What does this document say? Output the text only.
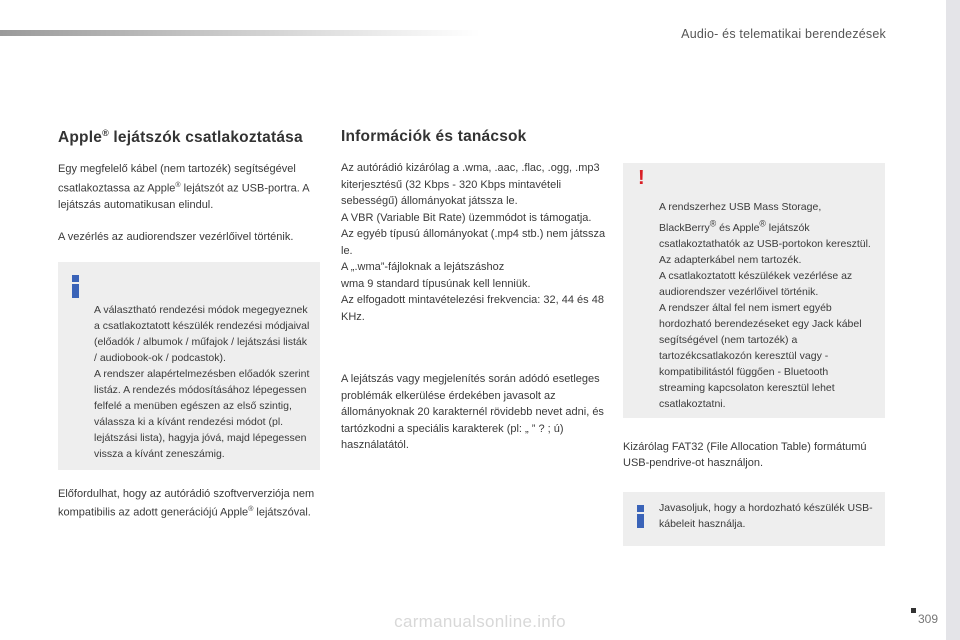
Audio- és telematikai berendezések
Apple® lejátszók csatlakoztatása

Egy megfelelő kábel (nem tartozék) segítségével csatlakoztassa az Apple® lejátszót az USB-portra. A lejátszás automatikusan elindul.

A vezérlés az audiorendszer vezérlőivel történik.

A választható rendezési módok megegyeznek a csatlakoztatott készülék rendezési módjaival (előadók / albumok / műfajok / lejátszási listák / audiobook-ok / podcastok).
A rendszer alapértelmezésben előadók szerint listáz. A rendezés módosításához lépegessen felfelé a menüben egészen az első szintig, válassza ki a kívánt rendezési módot (pl. lejátszási lista), hagyja jóvá, majd lépegessen vissza a kívánt zeneszámig.

Előfordulhat, hogy az autórádió szoftververziója nem kompatibilis az adott generációjú Apple® lejátszóval.

Információk és tanácsok

Az autórádió kizárólag a .wma, .aac, .flac, .ogg, .mp3 kiterjesztésű (32 Kbps - 320 Kbps mintavételi sebességű) állományokat játssza le.
A VBR (Variable Bit Rate) üzemmódot is támogatja.
Az egyéb típusú állományokat (.mp4 stb.) nem játssza le.
A „.wma”-fájloknak a lejátszáshoz
wma 9 standard típusúnak kell lenniük.
Az elfogadott mintavételezési frekvencia: 32, 44 és 48 KHz.

A lejátszás vagy megjelenítés során adódó esetleges problémák elkerülése érdekében javasolt az állományoknak 20 karakternél rövidebb nevet adni, és tartózkodni a speciális karakterek (pl: „ ” ? ; ú) használatától.

!

A rendszerhez USB Mass Storage, BlackBerry® és Apple® lejátszók csatlakoztathatók az USB-portokon keresztül. Az adapterkábel nem tartozék.
A csatlakoztatott készülékek vezérlése az audiorendszer vezérlőivel történik.
A rendszer által fel nem ismert egyéb hordozható berendezéseket egy Jack kábel segítségével (nem tartozék) a tartozékcsatlakozón keresztül vagy - kompatibilitástól függően - Bluetooth streaming kapcsolaton keresztül lehet csatlakoztatni.

Kizárólag FAT32 (File Allocation Table) formátumú USB-pendrive-ot használjon.

Javasoljuk, hogy a hordozható készülék USB-kábeleit használja.
309
carmanualsonline.info
